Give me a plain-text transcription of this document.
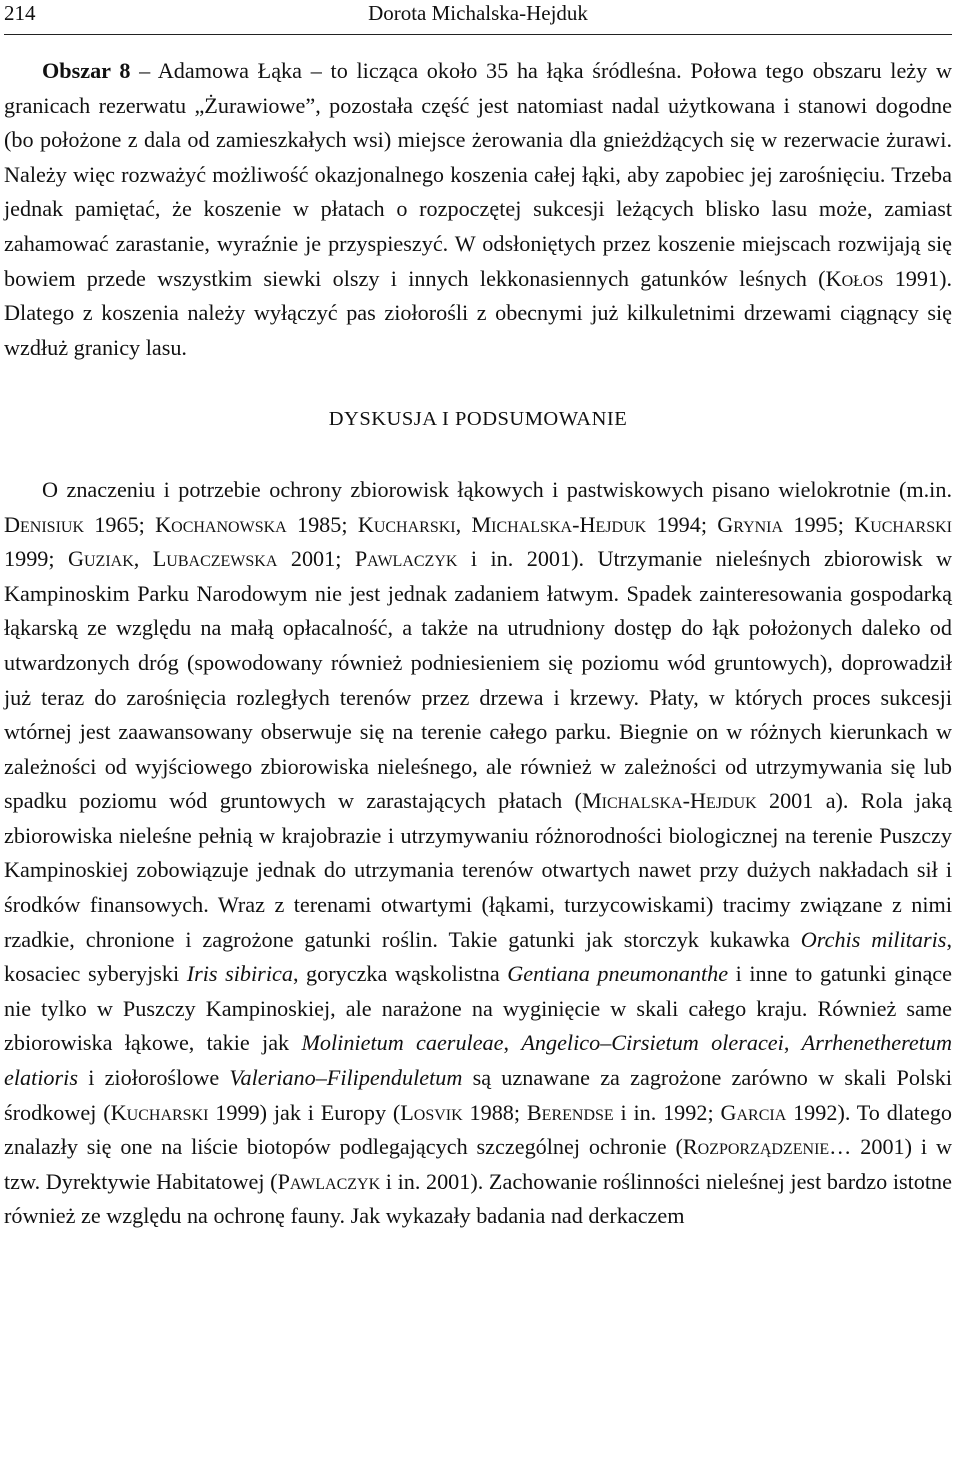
214	Dorota Michalska-Hejduk

Obszar 8 – Adamowa Łąka – to licząca około 35 ha łąka śródleśna. Połowa tego obszaru leży w granicach rezerwatu „Żurawiowe”, pozostała część jest natomiast nadal użytkowana i stanowi dogodne (bo położone z dala od zamieszkałych wsi) miejsce żerowania dla gnieżdżących się w rezerwacie żurawi. Należy więc rozważyć możliwość okazjonalnego koszenia całej łąki, aby zapobiec jej zarośnięciu. Trzeba jednak pamiętać, że koszenie w płatach o rozpoczętej sukcesji leżących blisko lasu może, zamiast zahamować zarastanie, wyraźnie je przyspieszyć. W odsłoniętych przez koszenie miejscach rozwijają się bowiem przede wszystkim siewki olszy i innych lekkonasiennych gatunków leśnych (Kołos 1991). Dlatego z koszenia należy wyłączyć pas ziołorośli z obecnymi już kilkuletnimi drzewami ciągnący się wzdłuż granicy lasu.

DYSKUSJA I PODSUMOWANIE

O znaczeniu i potrzebie ochrony zbiorowisk łąkowych i pastwiskowych pisano wielokrotnie (m.in. Denisiuk 1965; Kochanowska 1985; Kucharski, Michalska-Hejduk 1994; Grynia 1995; Kucharski 1999; Guziak, Lubaczewska 2001; Pawlaczyk i in. 2001). Utrzymanie nieleśnych zbiorowisk w Kampinoskim Parku Narodowym nie jest jednak zadaniem łatwym. Spadek zainteresowania gospodarką łąkarską ze względu na małą opłacalność, a także na utrudniony dostęp do łąk położonych daleko od utwardzonych dróg (spowodowany również podniesieniem się poziomu wód gruntowych), doprowadził już teraz do zarośnięcia rozległych terenów przez drzewa i krzewy. Płaty, w których proces sukcesji wtórnej jest zaawansowany obserwuje się na terenie całego parku. Biegnie on w różnych kierunkach w zależności od wyjściowego zbiorowiska nieleśnego, ale również w zależności od utrzymywania się lub spadku poziomu wód gruntowych w zarastających płatach (Michalska-Hejduk 2001 a). Rola jaką zbiorowiska nieleśne pełnią w krajobrazie i utrzymywaniu różnorodności biologicznej na terenie Puszczy Kampinoskiej zobowiązuje jednak do utrzymania terenów otwartych nawet przy dużych nakładach sił i środków finansowych. Wraz z terenami otwartymi (łąkami, turzycowiskami) tracimy związane z nimi rzadkie, chronione i zagrożone gatunki roślin. Takie gatunki jak storczyk kukawka Orchis militaris, kosaciec syberyjski Iris sibirica, goryczka wąskolistna Gentiana pneumonanthe i inne to gatunki ginące nie tylko w Puszczy Kampinoskiej, ale narażone na wyginięcie w skali całego kraju. Również same zbiorowiska łąkowe, takie jak Molinietum caeruleae, Angelico–Cirsietum oleracei, Arrhenetheretum elatioris i ziołoroślowe Valeriano–Filipenduletum są uznawane za zagrożone zarówno w skali Polski środkowej (Kucharski 1999) jak i Europy (Losvik 1988; Berendse i in. 1992; Garcia 1992). To dlatego znalazły się one na liście biotopów podlegających szczególnej ochronie (Rozporządzenie… 2001) i w tzw. Dyrektywie Habitatowej (Pawlaczyk i in. 2001). Zachowanie roślinności nieleśnej jest bardzo istotne również ze względu na ochronę fauny. Jak wykazały badania nad derkaczem
